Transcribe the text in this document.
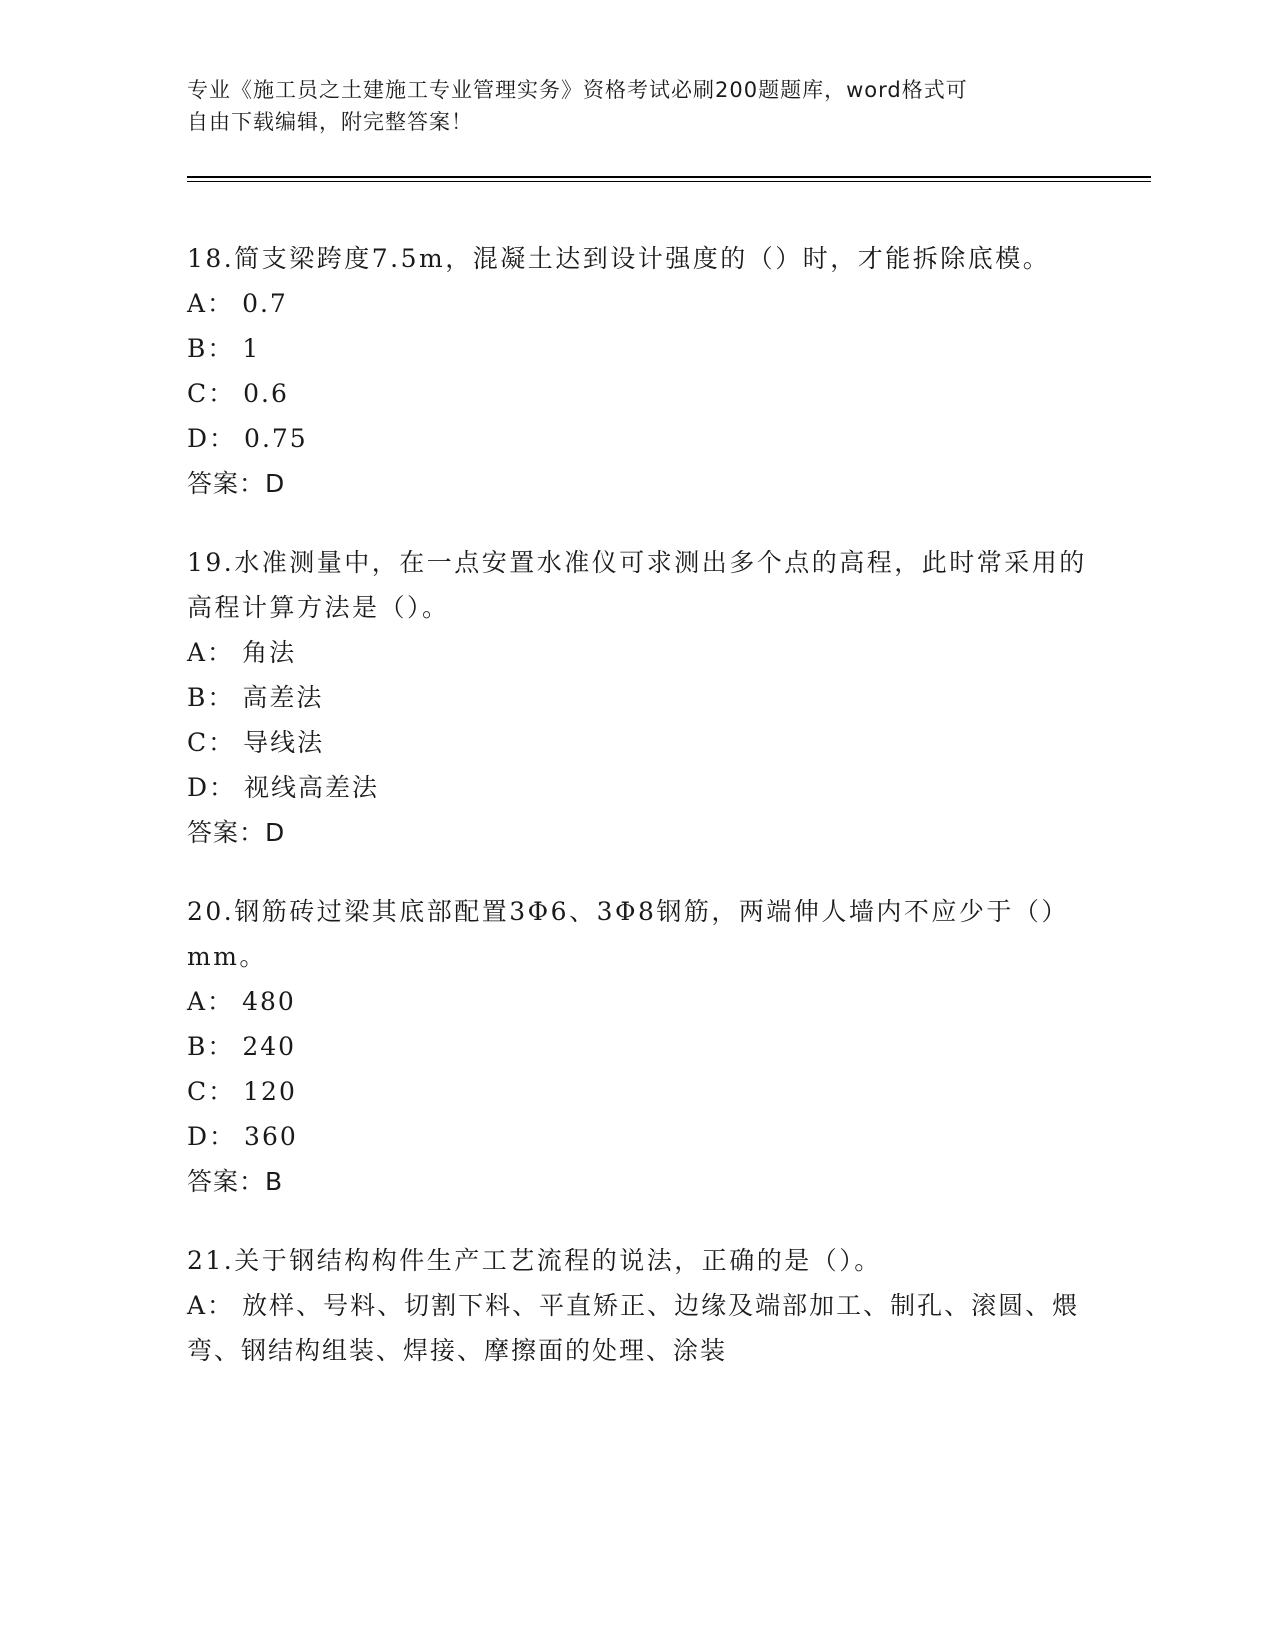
专业《施工员之土建施工专业管理实务》资格考试必刷200题题库，word格式可
自由下载编辑，附完整答案！
18.简支梁跨度7.5m，混凝土达到设计强度的（）时，才能拆除底模。
A： 0.7
B： 1
C： 0.6
D： 0.75
答案：D
19.水准测量中，在一点安置水准仪可求测出多个点的高程，此时常采用的高程计算方法是（）。
A： 角法
B： 高差法
C： 导线法
D： 视线高差法
答案：D
20.钢筋砖过梁其底部配置3Φ6、3Φ8钢筋，两端伸人墙内不应少于（）mm。
A： 480
B： 240
C： 120
D： 360
答案：B
21.关于钢结构构件生产工艺流程的说法，正确的是（）。
A： 放样、号料、切割下料、平直矫正、边缘及端部加工、制孔、滚圆、煨弯、钢结构组装、焊接、摩擦面的处理、涂装
